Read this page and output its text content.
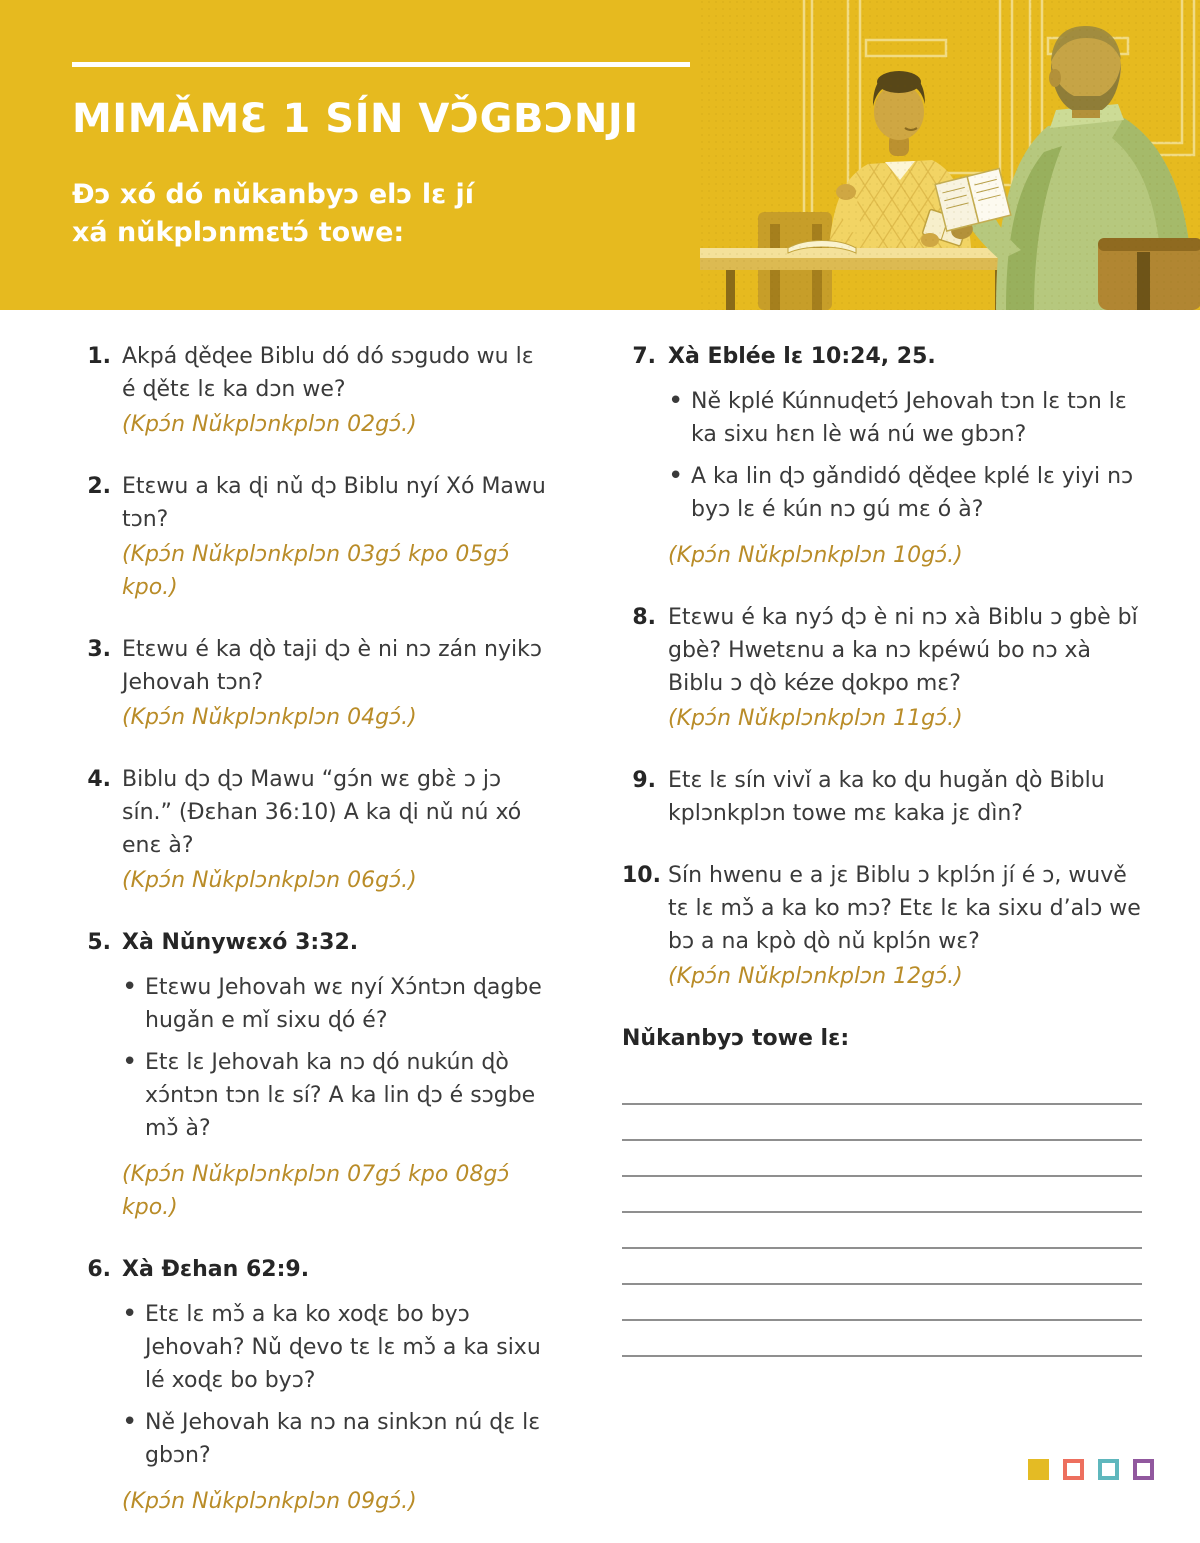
MIMǍMƐ 1 SÍN VƆ̌GBƆNJI

Ðɔ xó dó nǔkanbyɔ elɔ lɛ jí
xá nǔkplɔnmɛtɔ́ towe:

1. Akpá ɖěɖee Biblu dó dó sɔgudo wu lɛ é ɖětɛ lɛ ka dɔn we?

(Kpɔ́n Nǔkplɔnkplɔn 02gɔ́.)

2. Etɛwu a ka ɖi nǔ ɖɔ Biblu nyí Xó Mawu tɔn?

(Kpɔ́n Nǔkplɔnkplɔn 03gɔ́ kpo 05gɔ́ kpo.)

3. Etɛwu é ka ɖò taji ɖɔ è ni nɔ zán nyikɔ Jehovah tɔn?

(Kpɔ́n Nǔkplɔnkplɔn 04gɔ́.)

4. Biblu ɖɔ ɖɔ Mawu “gɔ́n wɛ gbɛ̀ ɔ jɔ sín.” (Ðɛhan 36:10) A ka ɖi nǔ nú xó enɛ à?

(Kpɔ́n Nǔkplɔnkplɔn 06gɔ́.)

5. Xà Nǔnywɛxó 3:32.

• Etɛwu Jehovah wɛ nyí Xɔ́ntɔn ɖagbe hugǎn e mǐ sixu ɖó é?
• Etɛ lɛ Jehovah ka nɔ ɖó nukún ɖò xɔ́ntɔn tɔn lɛ sí? A ka lin ɖɔ é sɔgbe mɔ̌ à?

(Kpɔ́n Nǔkplɔnkplɔn 07gɔ́ kpo 08gɔ́ kpo.)

6. Xà Ðɛhan 62:9.

• Etɛ lɛ mɔ̌ a ka ko xoɖɛ bo byɔ Jehovah? Nǔ ɖevo tɛ lɛ mɔ̌ a ka sixu lé xoɖɛ bo byɔ?
• Ně Jehovah ka nɔ na sinkɔn nú ɖɛ lɛ gbɔn?

(Kpɔ́n Nǔkplɔnkplɔn 09gɔ́.)

7. Xà Eblée lɛ 10:24, 25.

• Ně kplé Kúnnuɖetɔ́ Jehovah tɔn lɛ tɔn lɛ ka sixu hɛn lè wá nú we gbɔn?
• A ka lin ɖɔ gǎndidó ɖěɖee kplé lɛ yiyi nɔ byɔ lɛ é kún nɔ gú mɛ ó à?

(Kpɔ́n Nǔkplɔnkplɔn 10gɔ́.)

8. Etɛwu é ka nyɔ́ ɖɔ è ni nɔ xà Biblu ɔ gbè bǐ gbè? Hwetɛnu a ka nɔ kpéwú bo nɔ xà Biblu ɔ ɖò kéze ɖokpo mɛ?

(Kpɔ́n Nǔkplɔnkplɔn 11gɔ́.)

9. Etɛ lɛ sín vivǐ a ka ko ɖu hugǎn ɖò Biblu kplɔnkplɔn towe mɛ kaka jɛ dìn?

10. Sín hwenu e a jɛ Biblu ɔ kplɔ́n jí é ɔ, wuvě tɛ lɛ mɔ̌ a ka ko mɔ? Etɛ lɛ ka sixu d’alɔ we bɔ a na kpò ɖò nǔ kplɔ́n wɛ?

(Kpɔ́n Nǔkplɔnkplɔn 12gɔ́.)

Nǔkanbyɔ towe lɛ:
